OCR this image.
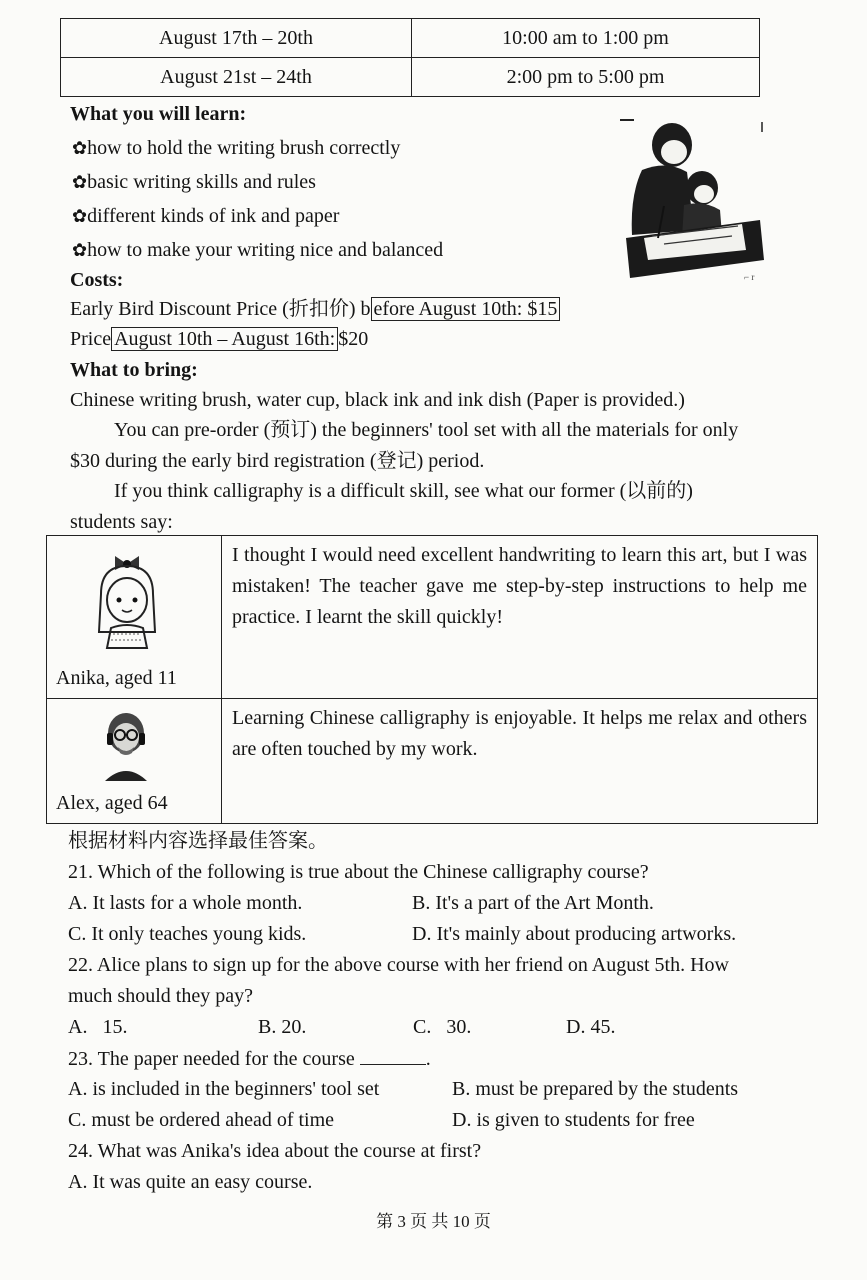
August 17th – 20th	10:00 am to 1:00 pm
August 21st – 24th	2:00 pm to 5:00 pm
What you will learn:
✿how to hold the writing brush correctly
✿basic writing skills and rules
✿different kinds of ink and paper
✿how to make your writing nice and balanced
⌐ r
Costs:
Early Bird Discount Price (折扣价) b efore August 10th: $15
Price August 10th – August 16th: $20
What to bring:
Chinese writing brush, water cup, black ink and ink dish (Paper is provided.)
You can pre-order (预订) the beginners' tool set with all the materials for only
$30 during the early bird registration (登记) period.
If you think calligraphy is a difficult skill, see what our former (以前的)
students say:
Anika, aged 11	I thought I would need excellent handwriting to learn this art, but I was mistaken! The teacher gave me step-by-step instructions to help me practice. I learnt the skill quickly!

Alex, aged 64	Learning Chinese calligraphy is enjoyable. It helps me relax and others are often touched by my work.
根据材料内容选择最佳答案。
21. Which of the following is true about the Chinese calligraphy course?
A. It lasts for a whole month.	B. It's a part of the Art Month.
C. It only teaches young kids.	D. It's mainly about producing artworks.
22. Alice plans to sign up for the above course with her friend on August 5th. How
much should they pay?
A.   15.	B. 20.	C.   30.	D. 45.
23. The paper needed for the course	.
A. is included in the beginners' tool set	B. must be prepared by the students
C. must be ordered ahead of time	D. is given to students for free
24. What was Anika's idea about the course at first?
A. It was quite an easy course.
第 3 页 共 10 页
